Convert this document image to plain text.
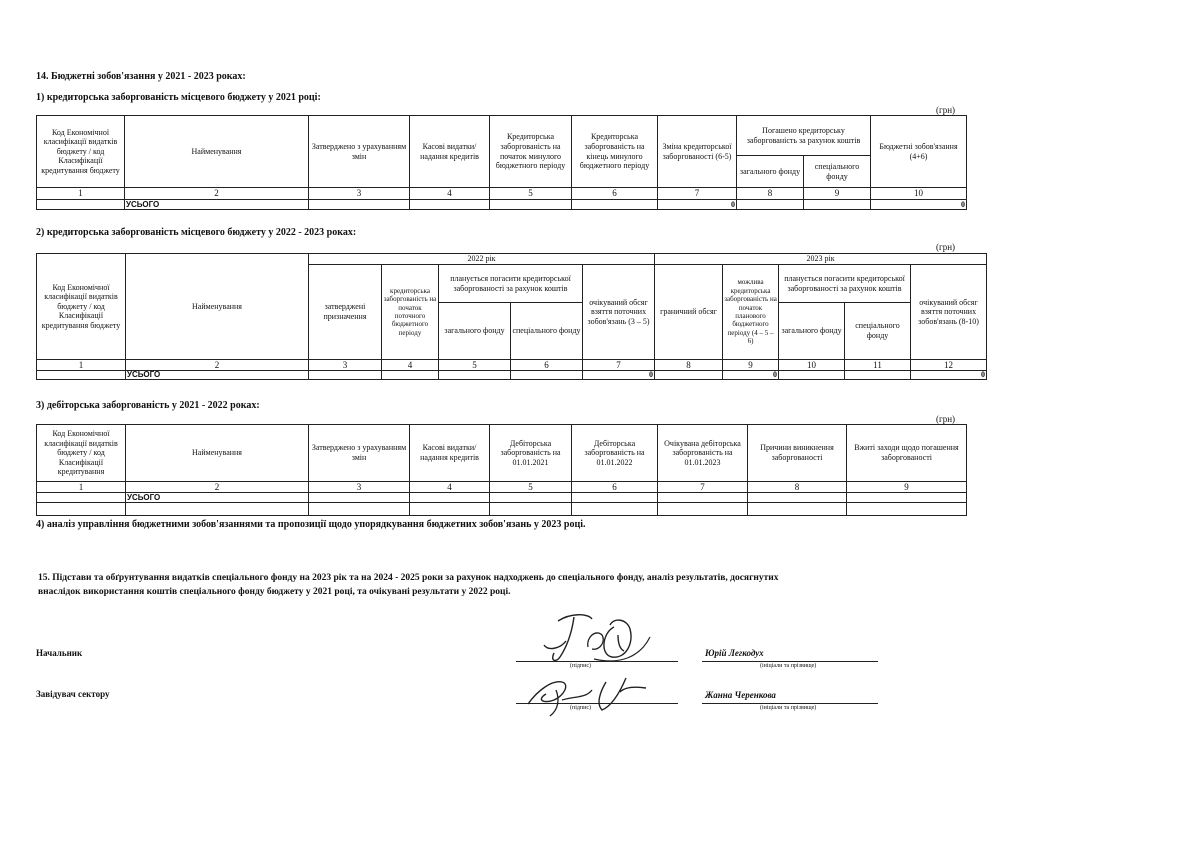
14. Бюджетні зобов'язання у 2021 - 2023 роках:
1) кредиторська заборгованість місцевого бюджету у 2021 році:
(грн)
Код Економічної класифікації видатків бюджету / код Класифікації кредитування бюджету	Найменування	Затверджено з урахуванням змін	Касові видатки/ надання кредитів	Кредиторська заборгованість на початок минулого бюджетного періоду	Кредиторська заборгованість на кінець минулого бюджетного періоду	Зміна кредиторської заборгованості (6-5)	Погашено кредиторську заборгованість за рахунок коштів		Бюджетні зобов'язання (4+6)
							загального фонду	спеціального фонду	
1	2	3	4	5	6	7	8	9	10
	УСЬОГО					0			0
2) кредиторська заборгованість місцевого бюджету у 2022 - 2023 роках:
(грн)
Код Економічної класифікації видатків бюджету / код Класифікації кредитування бюджету	Найменування	2022 рік					2023 рік				
		затверджені призначення	кредиторська заборгованість на початок поточного бюджетного періоду	планується погасити кредиторської заборгованості за рахунок коштів		очікуваний обсяг взяття поточних зобов'язань (3 – 5)	граничний обсяг	можлива кредиторська заборгованість на початок планового бюджетного періоду (4 – 5 – 6)	планується погасити кредиторської заборгованості за рахунок коштів		очікуваний обсяг взяття поточних зобов'язань (8-10)
				загального фонду	спеціального фонду				загального фонду	спеціального фонду	
1	2	3	4	5	6	7	8	9	10	11	12
	УСЬОГО					0		0			0
3) дебіторська заборгованість у 2021 - 2022 роках:
(грн)
Код Економічної класифікації видатків бюджету / код Класифікації кредитування	Найменування	Затверджено з урахуванням змін	Касові видатки/ надання кредитів	Дебіторська заборгованість на 01.01.2021	Дебіторська заборгованість на 01.01.2022	Очікувана дебіторська заборгованість на 01.01.2023	Причини виникнення заборгованості	Вжиті заходи щодо погашення заборгованості
1	2	3	4	5	6	7	8	9
	УСЬОГО							

4) аналіз управління бюджетними зобов'язаннями та пропозиції щодо упорядкування бюджетних зобов'язань у 2023 році.
15. Підстави та обґрунтування видатків спеціального фонду на 2023 рік та на 2024 - 2025 роки за рахунок надходжень до спеціального фонду, аналіз результатів, досягнутих
внаслідок використання коштів спеціального фонду бюджету у 2021 році, та очікувані результати у 2022 році.
Начальник
(підпис)
Юрій Легкодух
(ініціали та прізвище)
Завідувач сектору
(підпис)
Жанна Черенкова
(ініціали та прізвище)
